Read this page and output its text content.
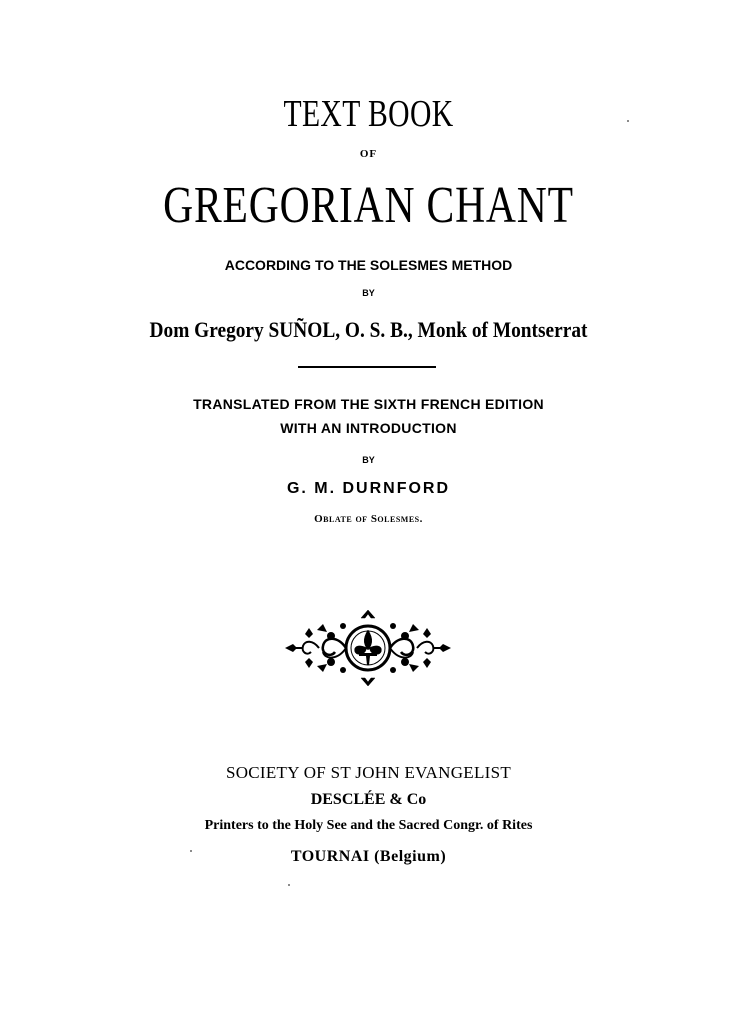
TEXT BOOK
OF
GREGORIAN CHANT
ACCORDING TO THE SOLESMES METHOD
BY
Dom Gregory SUÑOL, O. S. B., Monk of Montserrat
TRANSLATED FROM THE SIXTH FRENCH EDITION
WITH AN INTRODUCTION
BY
G. M. DURNFORD
Oblate of Solesmes.
SOCIETY OF ST JOHN EVANGELIST
DESCLÉE & Co
Printers to the Holy See and the Sacred Congr. of Rites
TOURNAI (Belgium)
